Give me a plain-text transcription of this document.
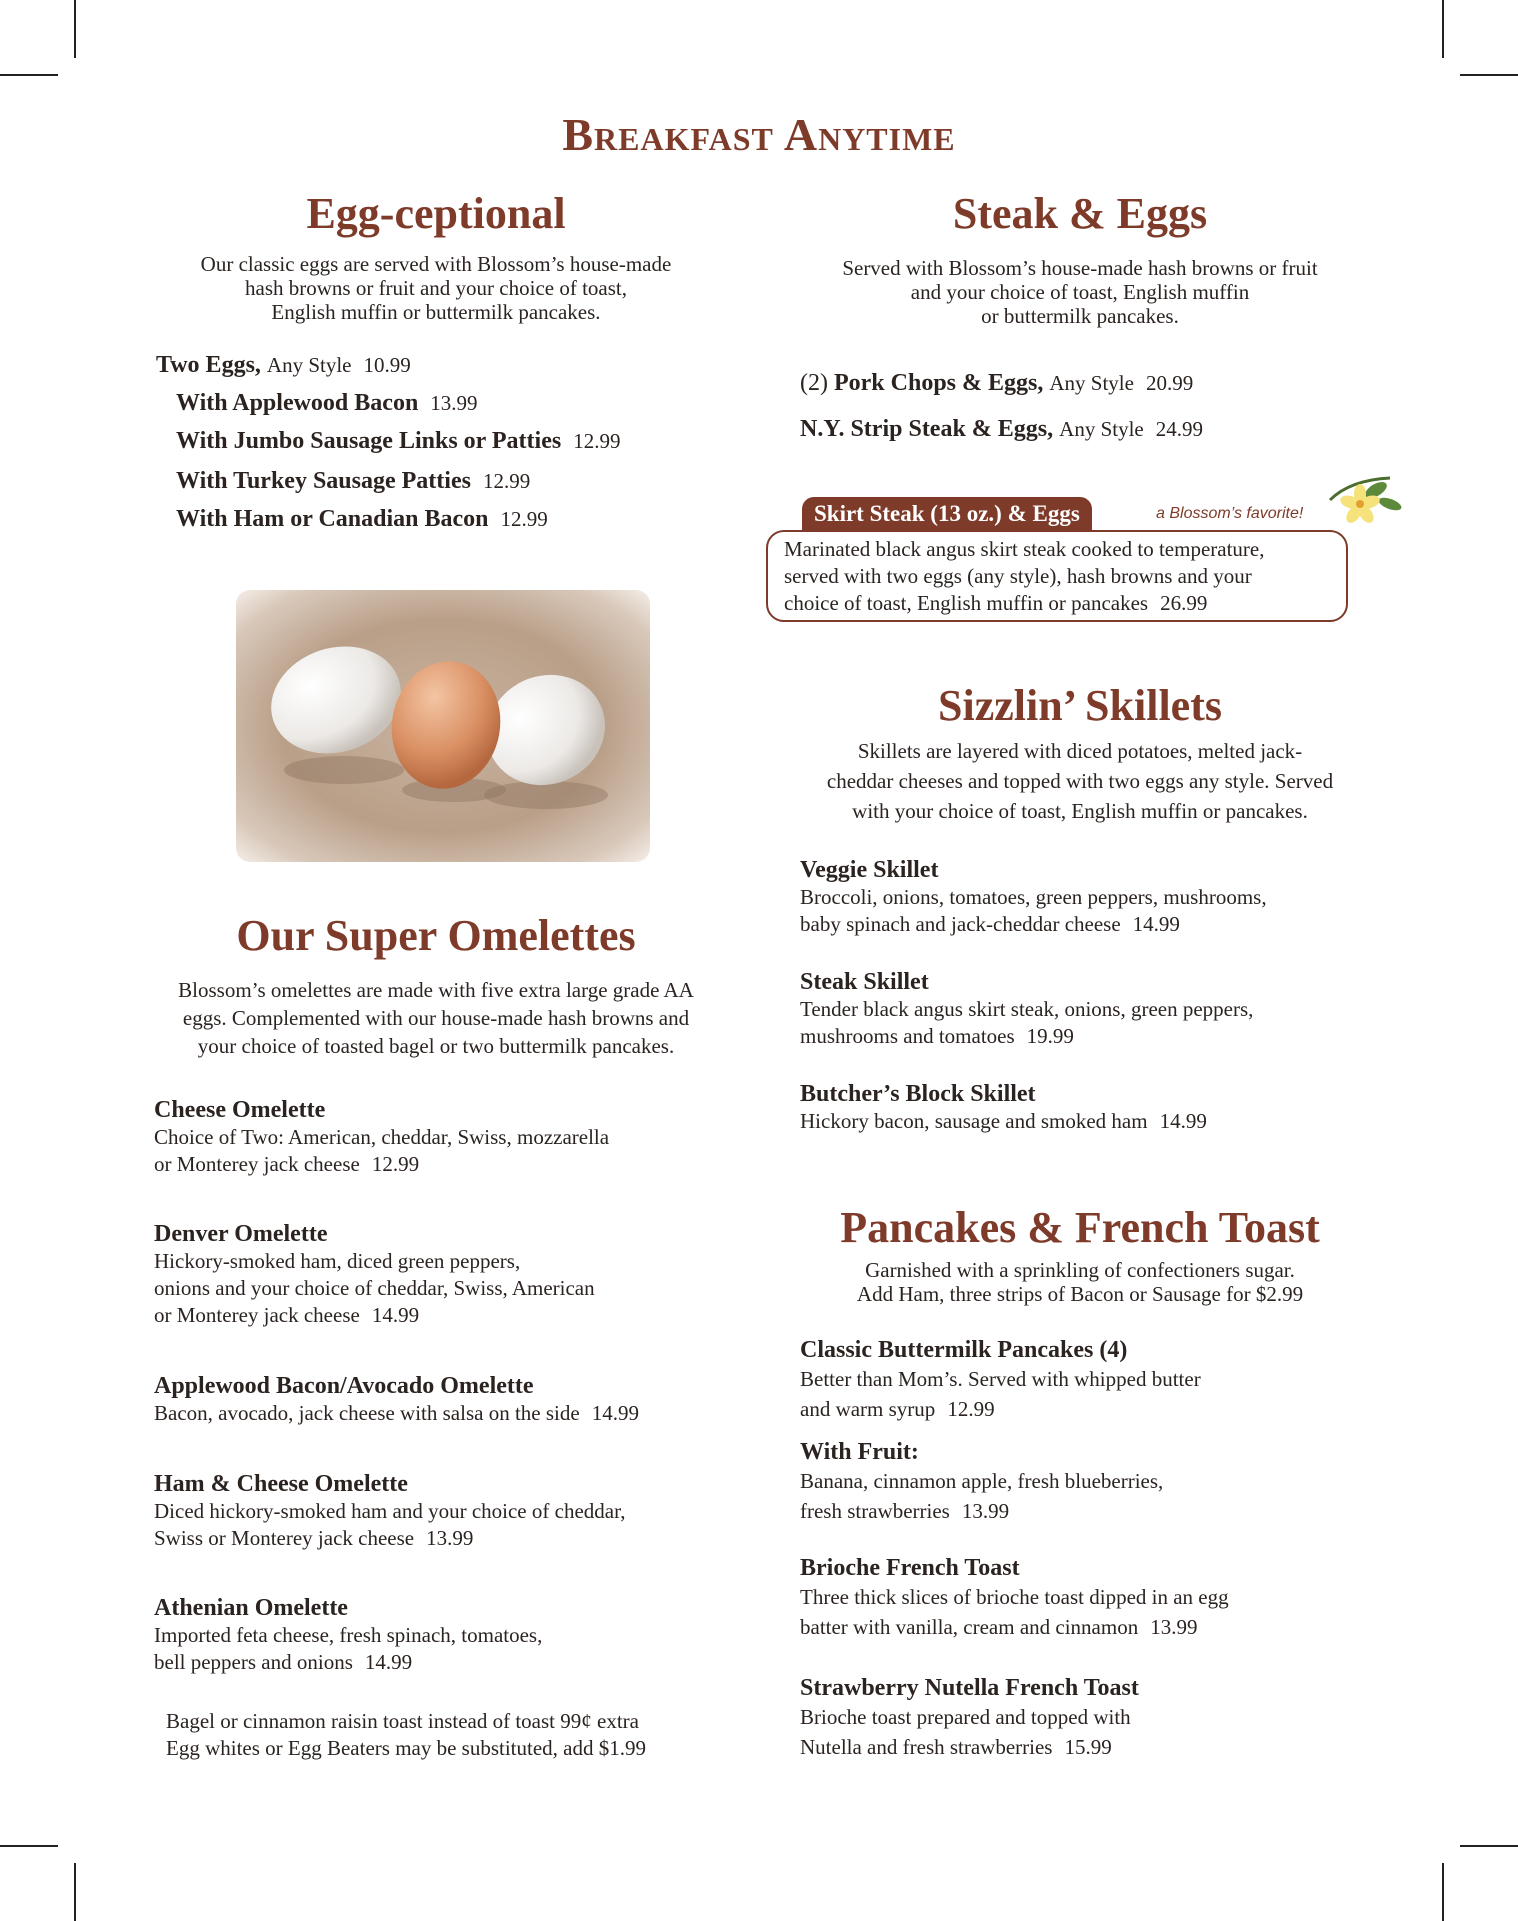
Breakfast Anytime
Egg-ceptional
Our classic eggs are served with Blossom’s house-made
hash browns or fruit and your choice of toast,
English muffin or buttermilk pancakes.
Two Eggs, Any Style 10.99
With Applewood Bacon 13.99
With Jumbo Sausage Links or Patties 12.99
With Turkey Sausage Patties 12.99
With Ham or Canadian Bacon 12.99
Our Super Omelettes
Blossom’s omelettes are made with five extra large grade AA
eggs. Complemented with our house-made hash browns and
your choice of toasted bagel or two buttermilk pancakes.
Cheese Omelette
Choice of Two: American, cheddar, Swiss, mozzarella
or Monterey jack cheese 12.99
Denver Omelette
Hickory-smoked ham, diced green peppers,
onions and your choice of cheddar, Swiss, American
or Monterey jack cheese 14.99
Applewood Bacon/Avocado Omelette
Bacon, avocado, jack cheese with salsa on the side 14.99
Ham & Cheese Omelette
Diced hickory-smoked ham and your choice of cheddar,
Swiss or Monterey jack cheese 13.99
Athenian Omelette
Imported feta cheese, fresh spinach, tomatoes,
bell peppers and onions 14.99
Bagel or cinnamon raisin toast instead of toast 99¢ extra
Egg whites or Egg Beaters may be substituted, add $1.99
Steak & Eggs
Served with Blossom’s house-made hash browns or fruit
and your choice of toast, English muffin
or buttermilk pancakes.
(2) Pork Chops & Eggs, Any Style 20.99
N.Y. Strip Steak & Eggs, Any Style 24.99
Skirt Steak (13 oz.) & Eggs	a Blossom’s favorite!
Marinated black angus skirt steak cooked to temperature,
served with two eggs (any style), hash browns and your
choice of toast, English muffin or pancakes 26.99
Sizzlin’ Skillets
Skillets are layered with diced potatoes, melted jack-
cheddar cheeses and topped with two eggs any style. Served
with your choice of toast, English muffin or pancakes.
Veggie Skillet
Broccoli, onions, tomatoes, green peppers, mushrooms,
baby spinach and jack-cheddar cheese 14.99
Steak Skillet
Tender black angus skirt steak, onions, green peppers,
mushrooms and tomatoes 19.99
Butcher’s Block Skillet
Hickory bacon, sausage and smoked ham 14.99
Pancakes & French Toast
Garnished with a sprinkling of confectioners sugar.
Add Ham, three strips of Bacon or Sausage for $2.99
Classic Buttermilk Pancakes (4)
Better than Mom’s. Served with whipped butter
and warm syrup 12.99
With Fruit:
Banana, cinnamon apple, fresh blueberries,
fresh strawberries 13.99
Brioche French Toast
Three thick slices of brioche toast dipped in an egg
batter with vanilla, cream and cinnamon 13.99
Strawberry Nutella French Toast
Brioche toast prepared and topped with
Nutella and fresh strawberries 15.99
